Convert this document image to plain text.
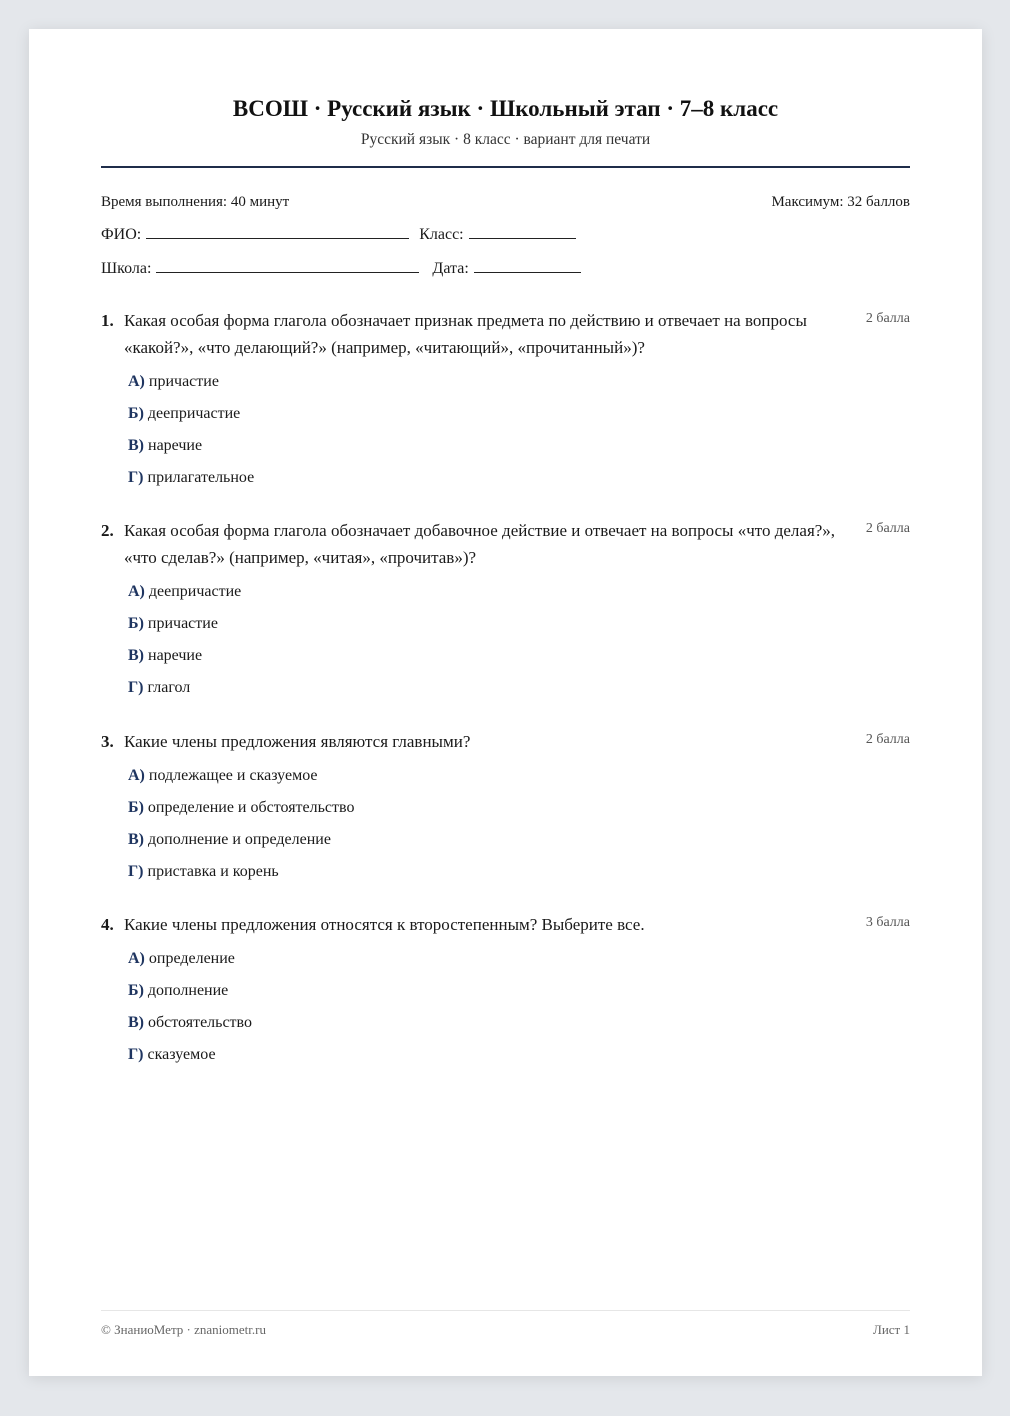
ВСОШ · Русский язык · Школьный этап · 7–8 класс
Русский язык · 8 класс · вариант для печати
Время выполнения: 40 минут	Максимум: 32 баллов
ФИО:	Класс:
Школа:	Дата:
1. Какая особая форма глагола обозначает признак предмета по действию и отвечает на вопросы «какой?», «что делающий?» (например, «читающий», «прочитанный»)?
2 балла
А) причастие
Б) деепричастие
В) наречие
Г) прилагательное
2. Какая особая форма глагола обозначает добавочное действие и отвечает на вопросы «что делая?», «что сделав?» (например, «читая», «прочитав»)?
2 балла
А) деепричастие
Б) причастие
В) наречие
Г) глагол
3. Какие члены предложения являются главными?	2 балла
А) подлежащее и сказуемое
Б) определение и обстоятельство
В) дополнение и определение
Г) приставка и корень
4. Какие члены предложения относятся к второстепенным? Выберите все.	3 балла
А) определение
Б) дополнение
В) обстоятельство
Г) сказуемое
© ЗнаниоМетр · znaniometr.ru	Лист 1
